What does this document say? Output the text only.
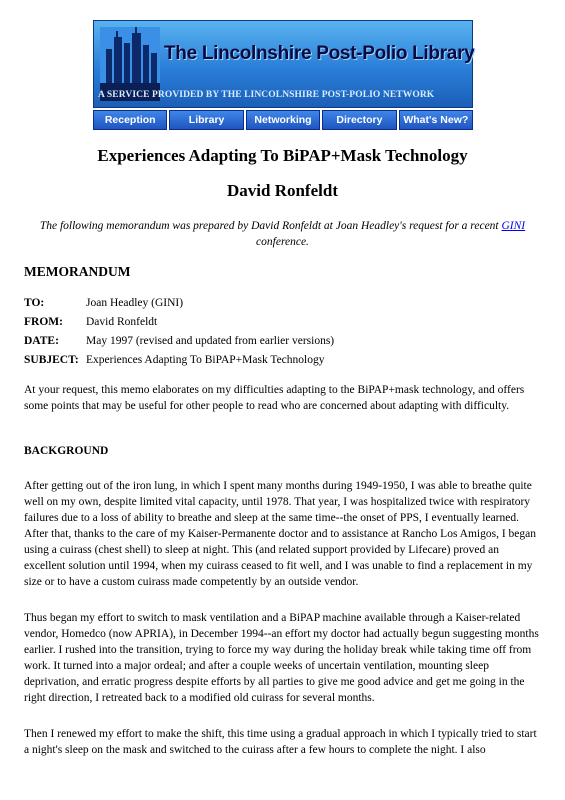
The Lincolnshire Post-Polio Library
A SERVICE PROVIDED BY THE LINCOLNSHIRE POST-POLIO NETWORK
Reception	Library	Networking	Directory	What's New?
Experiences Adapting To BiPAP+Mask Technology
David Ronfeldt

The following memorandum was prepared by David Ronfeldt at Joan Headley's request for a recent GINI conference.

MEMORANDUM
TO:	Joan Headley (GINI)
FROM:	David Ronfeldt
DATE:	May 1997 (revised and updated from earlier versions)
SUBJECT:	Experiences Adapting To BiPAP+Mask Technology

At your request, this memo elaborates on my difficulties adapting to the BiPAP+mask technology, and offers some points that may be useful for other people to read who are concerned about adapting with difficulty.

BACKGROUND

After getting out of the iron lung, in which I spent many months during 1949-1950, I was able to breathe quite well on my own, despite limited vital capacity, until 1978. That year, I was hospitalized twice with respiratory failures due to a loss of ability to breathe and sleep at the same time--the onset of PPS, I eventually learned. After that, thanks to the care of my Kaiser-Permanente doctor and to assistance at Rancho Los Amigos, I began using a cuirass (chest shell) to sleep at night. This (and related support provided by Lifecare) proved an excellent solution until 1994, when my cuirass ceased to fit well, and I was unable to find a replacement in my size or to have a custom cuirass made competently by an outside vendor.

Thus began my effort to switch to mask ventilation and a BiPAP machine available through a Kaiser-related vendor, Homedco (now APRIA), in December 1994--an effort my doctor had actually begun suggesting months earlier. I rushed into the transition, trying to force my way during the holiday break while taking time off from work. It turned into a major ordeal; and after a couple weeks of uncertain ventilation, mounting sleep deprivation, and erratic progress despite efforts by all parties to give me good advice and get me going in the right direction, I retreated back to a modified old cuirass for several months.

Then I renewed my effort to make the shift, this time using a gradual approach in which I typically tried to start a night's sleep on the mask and switched to the cuirass after a few hours to complete the night. I also
